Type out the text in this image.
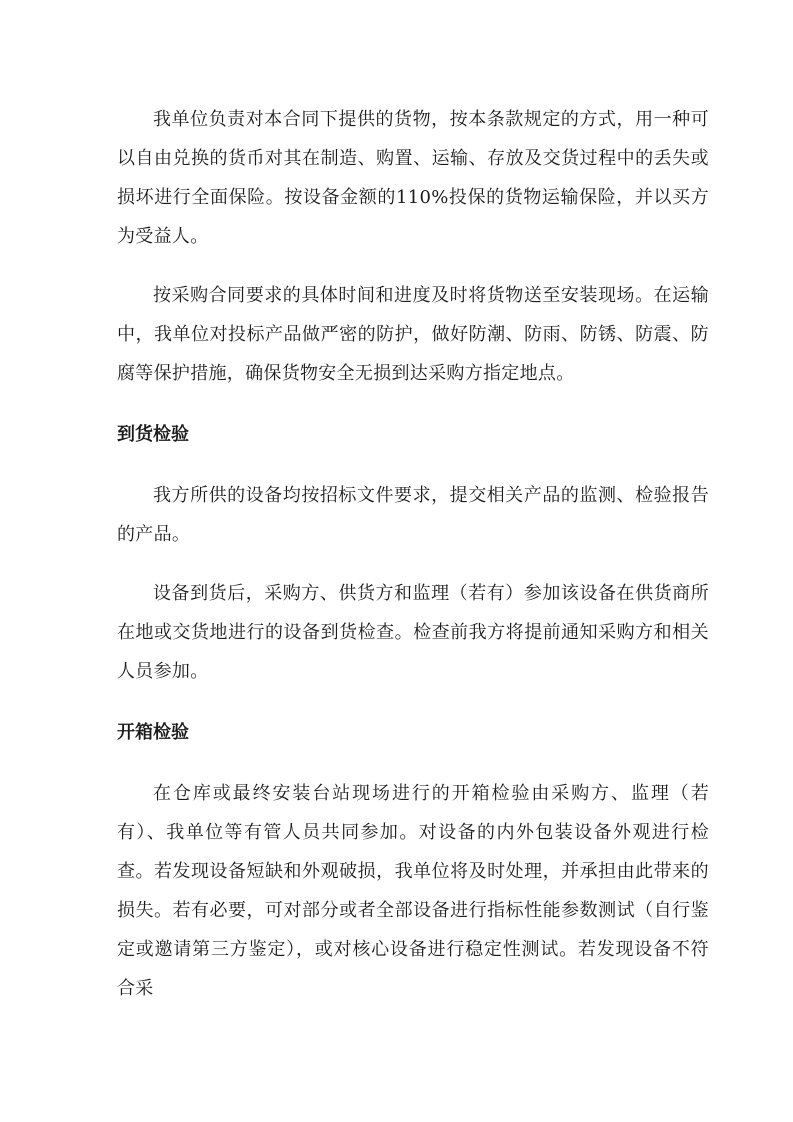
我单位负责对本合同下提供的货物，按本条款规定的方式，用一种可以自由兑换的货币对其在制造、购置、运输、存放及交货过程中的丢失或损坏进行全面保险。按设备金额的110%投保的货物运输保险，并以买方为受益人。

按采购合同要求的具体时间和进度及时将货物送至安装现场。在运输中，我单位对投标产品做严密的防护，做好防潮、防雨、防锈、防震、防腐等保护措施，确保货物安全无损到达采购方指定地点。

到货检验

我方所供的设备均按招标文件要求，提交相关产品的监测、检验报告的产品。

设备到货后，采购方、供货方和监理（若有）参加该设备在供货商所在地或交货地进行的设备到货检查。检查前我方将提前通知采购方和相关人员参加。

开箱检验

在仓库或最终安装台站现场进行的开箱检验由采购方、监理（若有）、我单位等有管人员共同参加。对设备的内外包装设备外观进行检查。若发现设备短缺和外观破损，我单位将及时处理，并承担由此带来的损失。若有必要，可对部分或者全部设备进行指标性能参数测试（自行鉴定或邀请第三方鉴定），或对核心设备进行稳定性测试。若发现设备不符合采
